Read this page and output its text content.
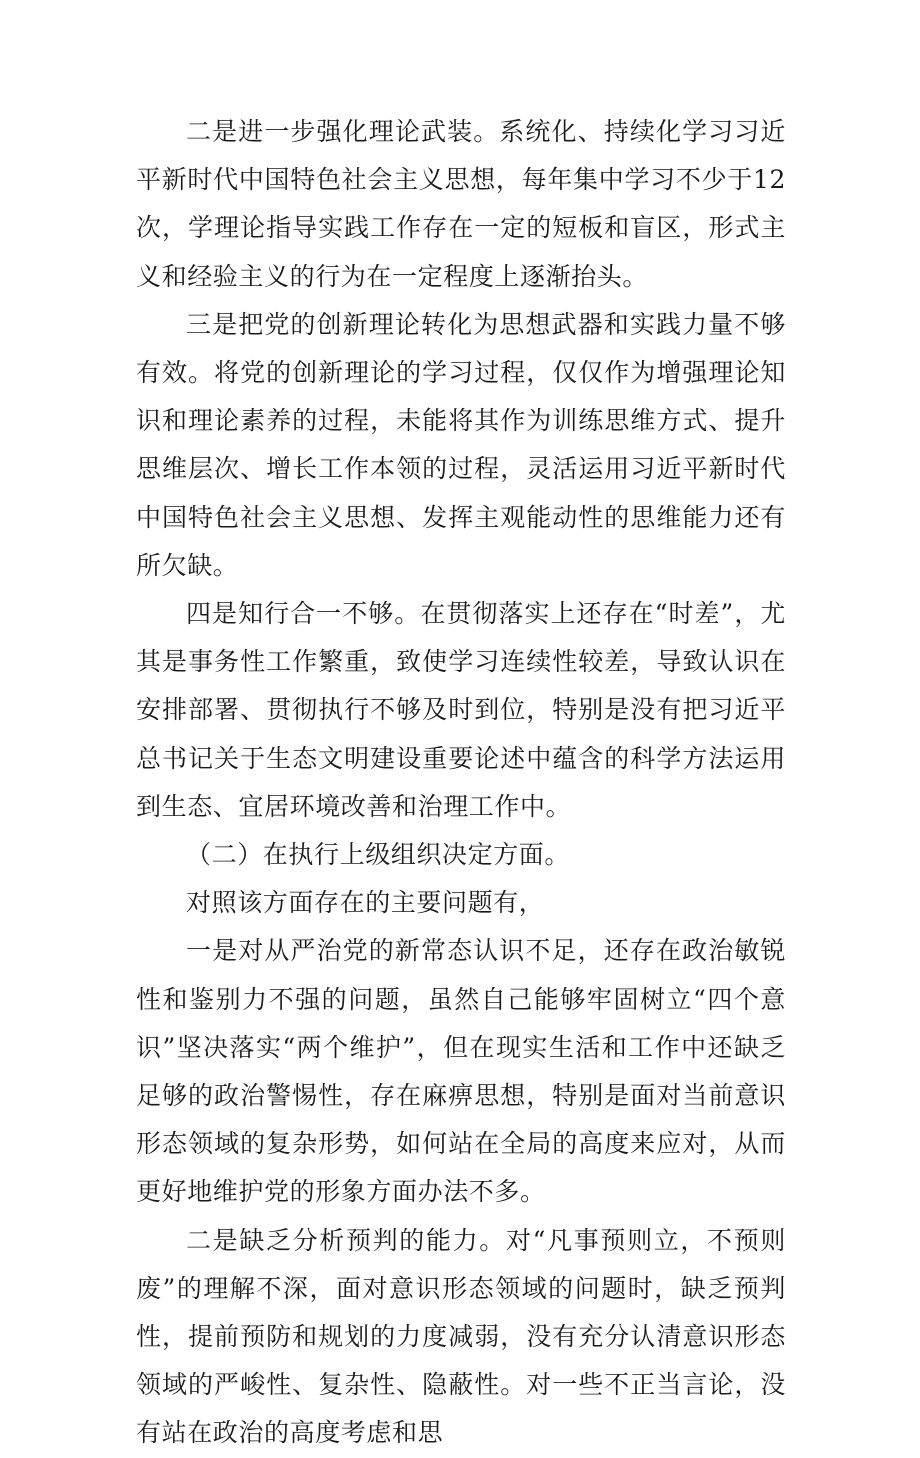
二是进一步强化理论武装。系统化、持续化学习习近平新时代中国特色社会主义思想，每年集中学习不少于12次，学理论指导实践工作存在一定的短板和盲区，形式主义和经验主义的行为在一定程度上逐渐抬头。

三是把党的创新理论转化为思想武器和实践力量不够有效。将党的创新理论的学习过程，仅仅作为增强理论知识和理论素养的过程，未能将其作为训练思维方式、提升思维层次、增长工作本领的过程，灵活运用习近平新时代中国特色社会主义思想、发挥主观能动性的思维能力还有所欠缺。

四是知行合一不够。在贯彻落实上还存在“时差”，尤其是事务性工作繁重，致使学习连续性较差，导致认识在安排部署、贯彻执行不够及时到位，特别是没有把习近平总书记关于生态文明建设重要论述中蕴含的科学方法运用到生态、宜居环境改善和治理工作中。

（二）在执行上级组织决定方面。

对照该方面存在的主要问题有，

一是对从严治党的新常态认识不足，还存在政治敏锐性和鉴别力不强的问题，虽然自己能够牢固树立“四个意识”坚决落实“两个维护”，但在现实生活和工作中还缺乏足够的政治警惕性，存在麻痹思想，特别是面对当前意识形态领域的复杂形势，如何站在全局的高度来应对，从而更好地维护党的形象方面办法不多。

二是缺乏分析预判的能力。对“凡事预则立，不预则废”的理解不深，面对意识形态领域的问题时，缺乏预判性，提前预防和规划的力度减弱，没有充分认清意识形态领域的严峻性、复杂性、隐蔽性。对一些不正当言论，没有站在政治的高度考虑和思
